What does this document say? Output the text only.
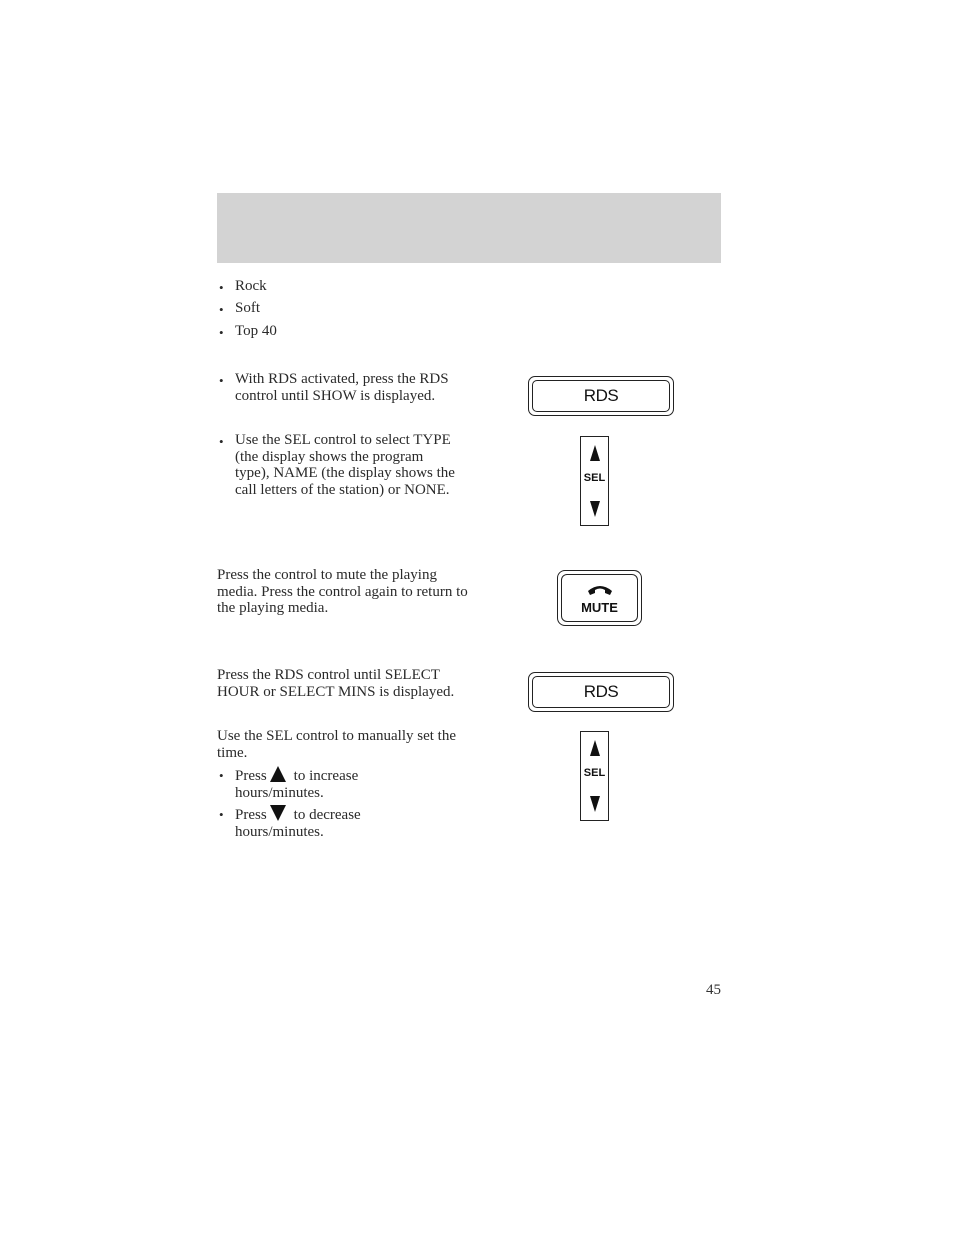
• Rock
• Soft
• Top 40
• With RDS activated, press the RDS control until SHOW is displayed.
• Use the SEL control to select TYPE (the display shows the program type), NAME (the display shows the call letters of the station) or NONE.
RDS
SEL
Press the control to mute the playing media. Press the control again to return to the playing media.	MUTE
Press the RDS control until SELECT HOUR or SELECT MINS is displayed.
Use the SEL control to manually set the time.
• Press to increase
hours/minutes.
• Press to decrease
hours/minutes.
RDS
SEL
45
